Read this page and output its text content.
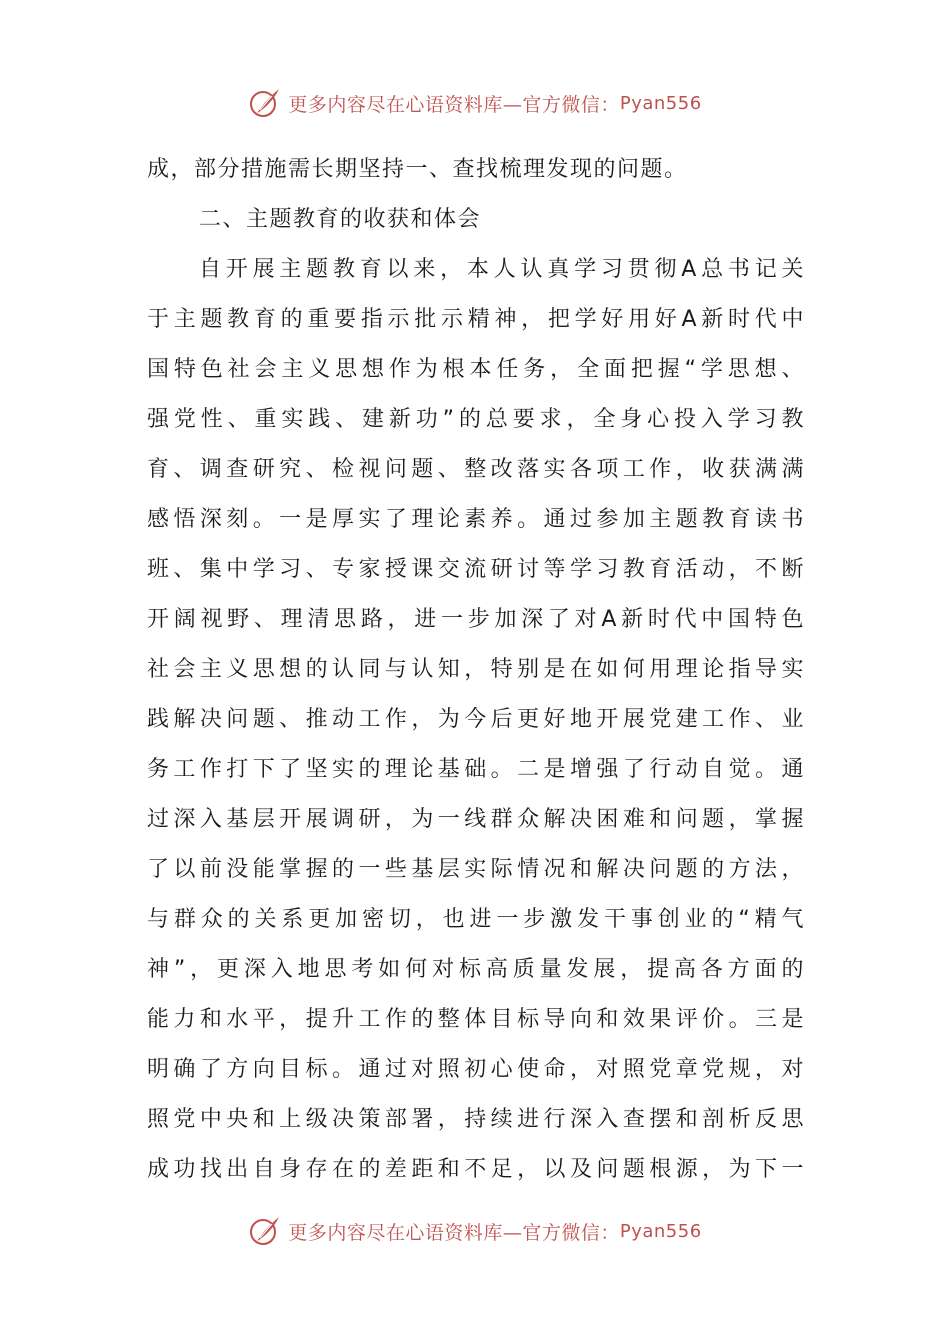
更多内容尽在心语资料库—官方微信： Pyan556
成，部分措施需长期坚持一、查找梳理发现的问题。
二、主题教育的收获和体会
自开展主题教育以来，本人认真学习贯彻A总书记关
于主题教育的重要指示批示精神，把学好用好A新时代中
国特色社会主义思想作为根本任务，全面把握“学思想、
强党性、重实践、建新功”的总要求，全身心投入学习教
育、调查研究、检视问题、整改落实各项工作，收获满满
感悟深刻。一是厚实了理论素养。通过参加主题教育读书
班、集中学习、专家授课交流研讨等学习教育活动，不断
开阔视野、理清思路，进一步加深了对A新时代中国特色
社会主义思想的认同与认知，特别是在如何用理论指导实
践解决问题、推动工作，为今后更好地开展党建工作、业
务工作打下了坚实的理论基础。二是增强了行动自觉。通
过深入基层开展调研，为一线群众解决困难和问题，掌握
了以前没能掌握的一些基层实际情况和解决问题的方法，
与群众的关系更加密切，也进一步激发干事创业的“精气
神”，更深入地思考如何对标高质量发展，提高各方面的
能力和水平，提升工作的整体目标导向和效果评价。三是
明确了方向目标。通过对照初心使命，对照党章党规，对
照党中央和上级决策部署，持续进行深入查摆和剖析反思
成功找出自身存在的差距和不足，以及问题根源，为下一
更多内容尽在心语资料库—官方微信： Pyan556
